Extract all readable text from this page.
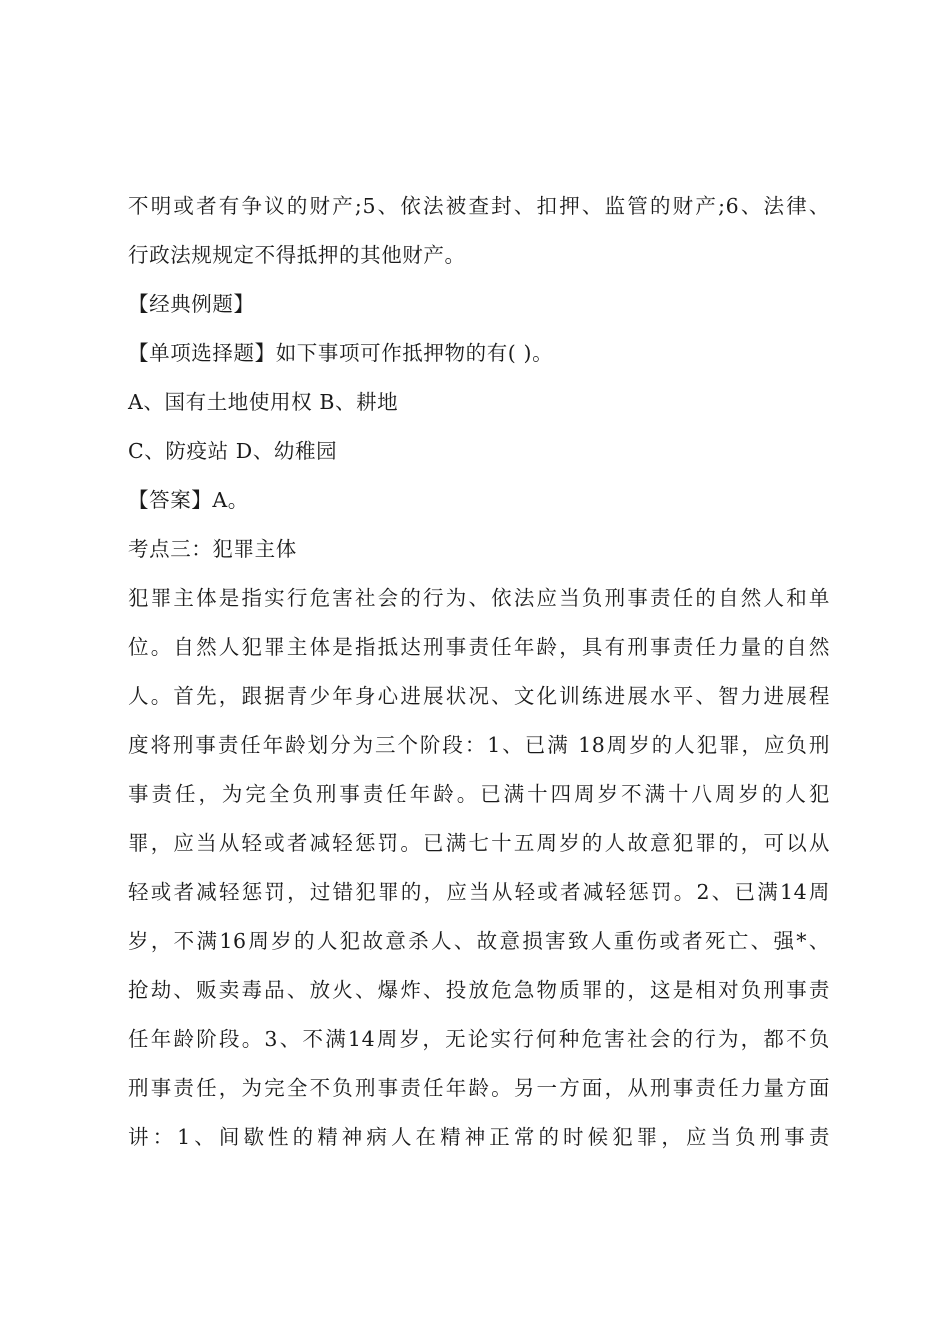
不明或者有争议的财产;5、依法被查封、扣押、监管的财产;6、法律、
行政法规规定不得抵押的其他财产。
【经典例题】
【单项选择题】如下事项可作抵押物的有( )。
A、国有土地使用权 B、耕地
C、防疫站 D、幼稚园
【答案】A。
考点三：犯罪主体
犯罪主体是指实行危害社会的行为、依法应当负刑事责任的自然人和单
位。自然人犯罪主体是指抵达刑事责任年龄，具有刑事责任力量的自然
人。首先，跟据青少年身心进展状况、文化训练进展水平、智力进展程
度将刑事责任年龄划分为三个阶段：1、已满 18周岁的人犯罪，应负刑
事责任，为完全负刑事责任年龄。已满十四周岁不满十八周岁的人犯
罪，应当从轻或者减轻惩罚。已满七十五周岁的人故意犯罪的，可以从
轻或者减轻惩罚，过错犯罪的，应当从轻或者减轻惩罚。2、已满14周
岁，不满16周岁的人犯故意杀人、故意损害致人重伤或者死亡、强*、
抢劫、贩卖毒品、放火、爆炸、投放危急物质罪的，这是相对负刑事责
任年龄阶段。3、不满14周岁，无论实行何种危害社会的行为，都不负
刑事责任，为完全不负刑事责任年龄。另一方面，从刑事责任力量方面
讲：1、间歇性的精神病人在精神正常的时候犯罪，应当负刑事责
